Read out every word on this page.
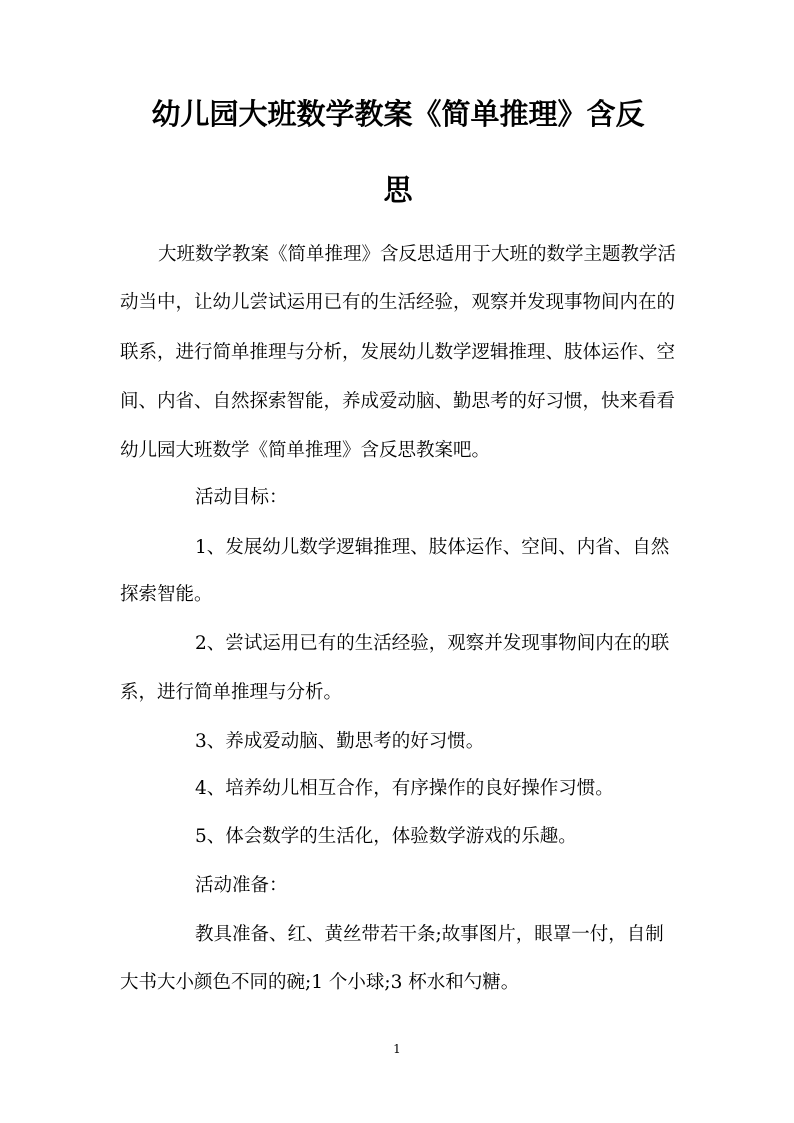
幼儿园大班数学教案《简单推理》含反
思
大班数学教案《简单推理》含反思适用于大班的数学主题教学活
动当中，让幼儿尝试运用已有的生活经验，观察并发现事物间内在的
联系，进行简单推理与分析，发展幼儿数学逻辑推理、肢体运作、空
间、内省、自然探索智能，养成爱动脑、勤思考的好习惯，快来看看
幼儿园大班数学《简单推理》含反思教案吧。
活动目标：
1、发展幼儿数学逻辑推理、肢体运作、空间、内省、自然
探索智能。
2、尝试运用已有的生活经验，观察并发现事物间内在的联
系，进行简单推理与分析。
3、养成爱动脑、勤思考的好习惯。
4、培养幼儿相互合作，有序操作的良好操作习惯。
5、体会数学的生活化，体验数学游戏的乐趣。
活动准备：
教具准备、红、黄丝带若干条;故事图片，眼罩一付，自制
大书大小颜色不同的碗;1 个小球;3 杯水和勺糖。
1
